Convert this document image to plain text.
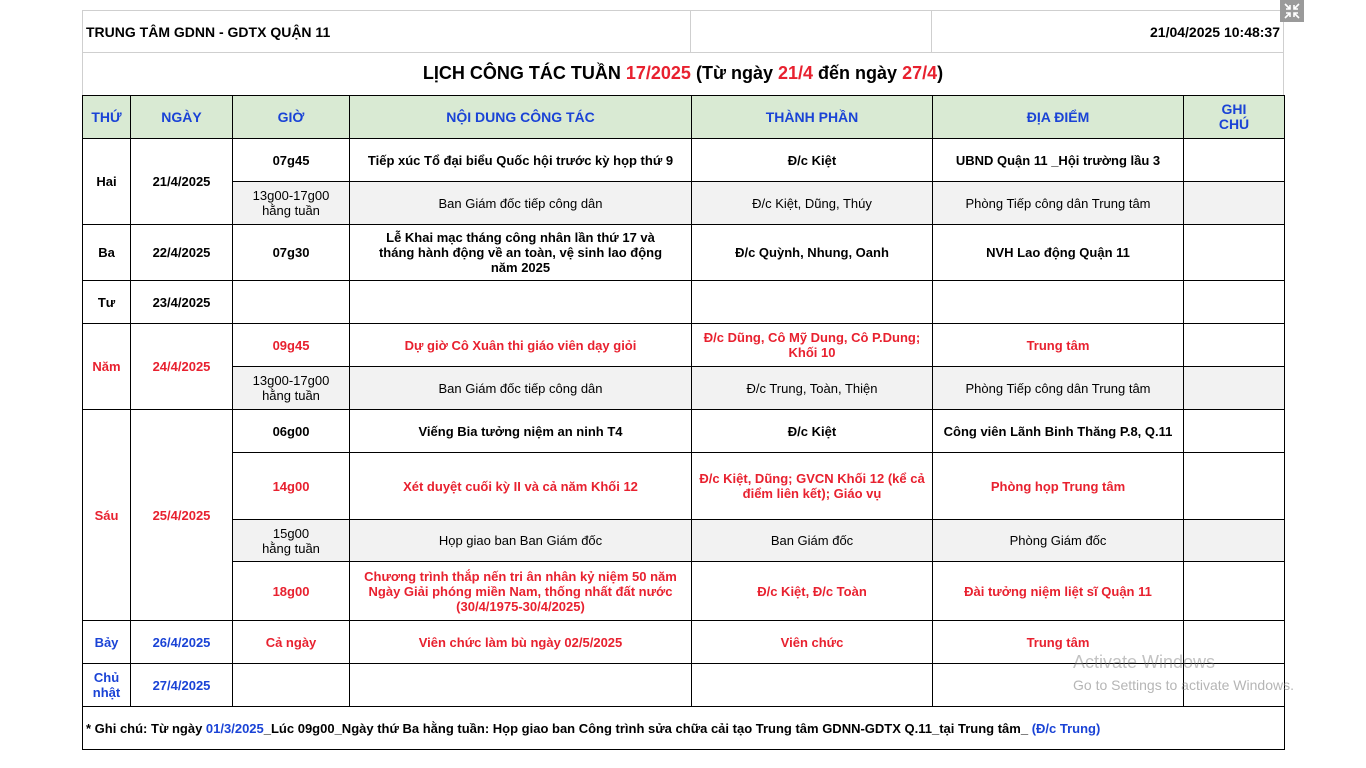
TRUNG TÂM GDNN - GDTX QUẬN 11	21/04/2025 10:48:37
LỊCH CÔNG TÁC TUẦN 17/2025 (Từ ngày 21/4 đến ngày 27/4)
THỨ	NGÀY	GIỜ	NỘI DUNG CÔNG TÁC	THÀNH PHẦN	ĐỊA ĐIỂM	GHI CHÚ
Hai	21/4/2025	07g45	Tiếp xúc Tổ đại biểu Quốc hội trước kỳ họp thứ 9	Đ/c Kiệt	UBND Quận 11 _Hội trường lầu 3	
		13g00-17g00 hằng tuần	Ban Giám đốc tiếp công dân	Đ/c Kiệt, Dũng, Thúy	Phòng Tiếp công dân Trung tâm	
Ba	22/4/2025	07g30	Lễ Khai mạc tháng công nhân lần thứ 17 và tháng hành động về an toàn, vệ sinh lao động năm 2025	Đ/c Quỳnh, Nhung, Oanh	NVH Lao động Quận 11	
Tư	23/4/2025					
Năm	24/4/2025	09g45	Dự giờ Cô Xuân thi giáo viên dạy giỏi	Đ/c Dũng, Cô Mỹ Dung, Cô P.Dung; Khối 10	Trung tâm	
		13g00-17g00 hằng tuần	Ban Giám đốc tiếp công dân	Đ/c Trung, Toàn, Thiện	Phòng Tiếp công dân Trung tâm	
Sáu	25/4/2025	06g00	Viếng Bia tưởng niệm an ninh T4	Đ/c Kiệt	Công viên Lãnh Binh Thăng P.8, Q.11	
		14g00	Xét duyệt cuối kỳ II và cả năm Khối 12	Đ/c Kiệt, Dũng; GVCN Khối 12 (kể cả điểm liên kết); Giáo vụ	Phòng họp Trung tâm	
		15g00 hằng tuần	Họp giao ban Ban Giám đốc	Ban Giám đốc	Phòng Giám đốc	
		18g00	Chương trình thắp nến tri ân nhân kỷ niệm 50 năm Ngày Giải phóng miền Nam, thống nhất đất nước (30/4/1975-30/4/2025)	Đ/c Kiệt, Đ/c Toàn	Đài tưởng niệm liệt sĩ Quận 11	
Bảy	26/4/2025	Cả ngày	Viên chức làm bù ngày 02/5/2025	Viên chức	Trung tâm	
Chủ nhật	27/4/2025					
* Ghi chú: Từ ngày 01/3/2025_Lúc 09g00_Ngày thứ Ba hằng tuần: Họp giao ban Công trình sửa chữa cải tạo Trung tâm GDNN-GDTX Q.11_tại Trung tâm_ (Đ/c Trung)						
Activate Windows
Go to Settings to activate Windows.
